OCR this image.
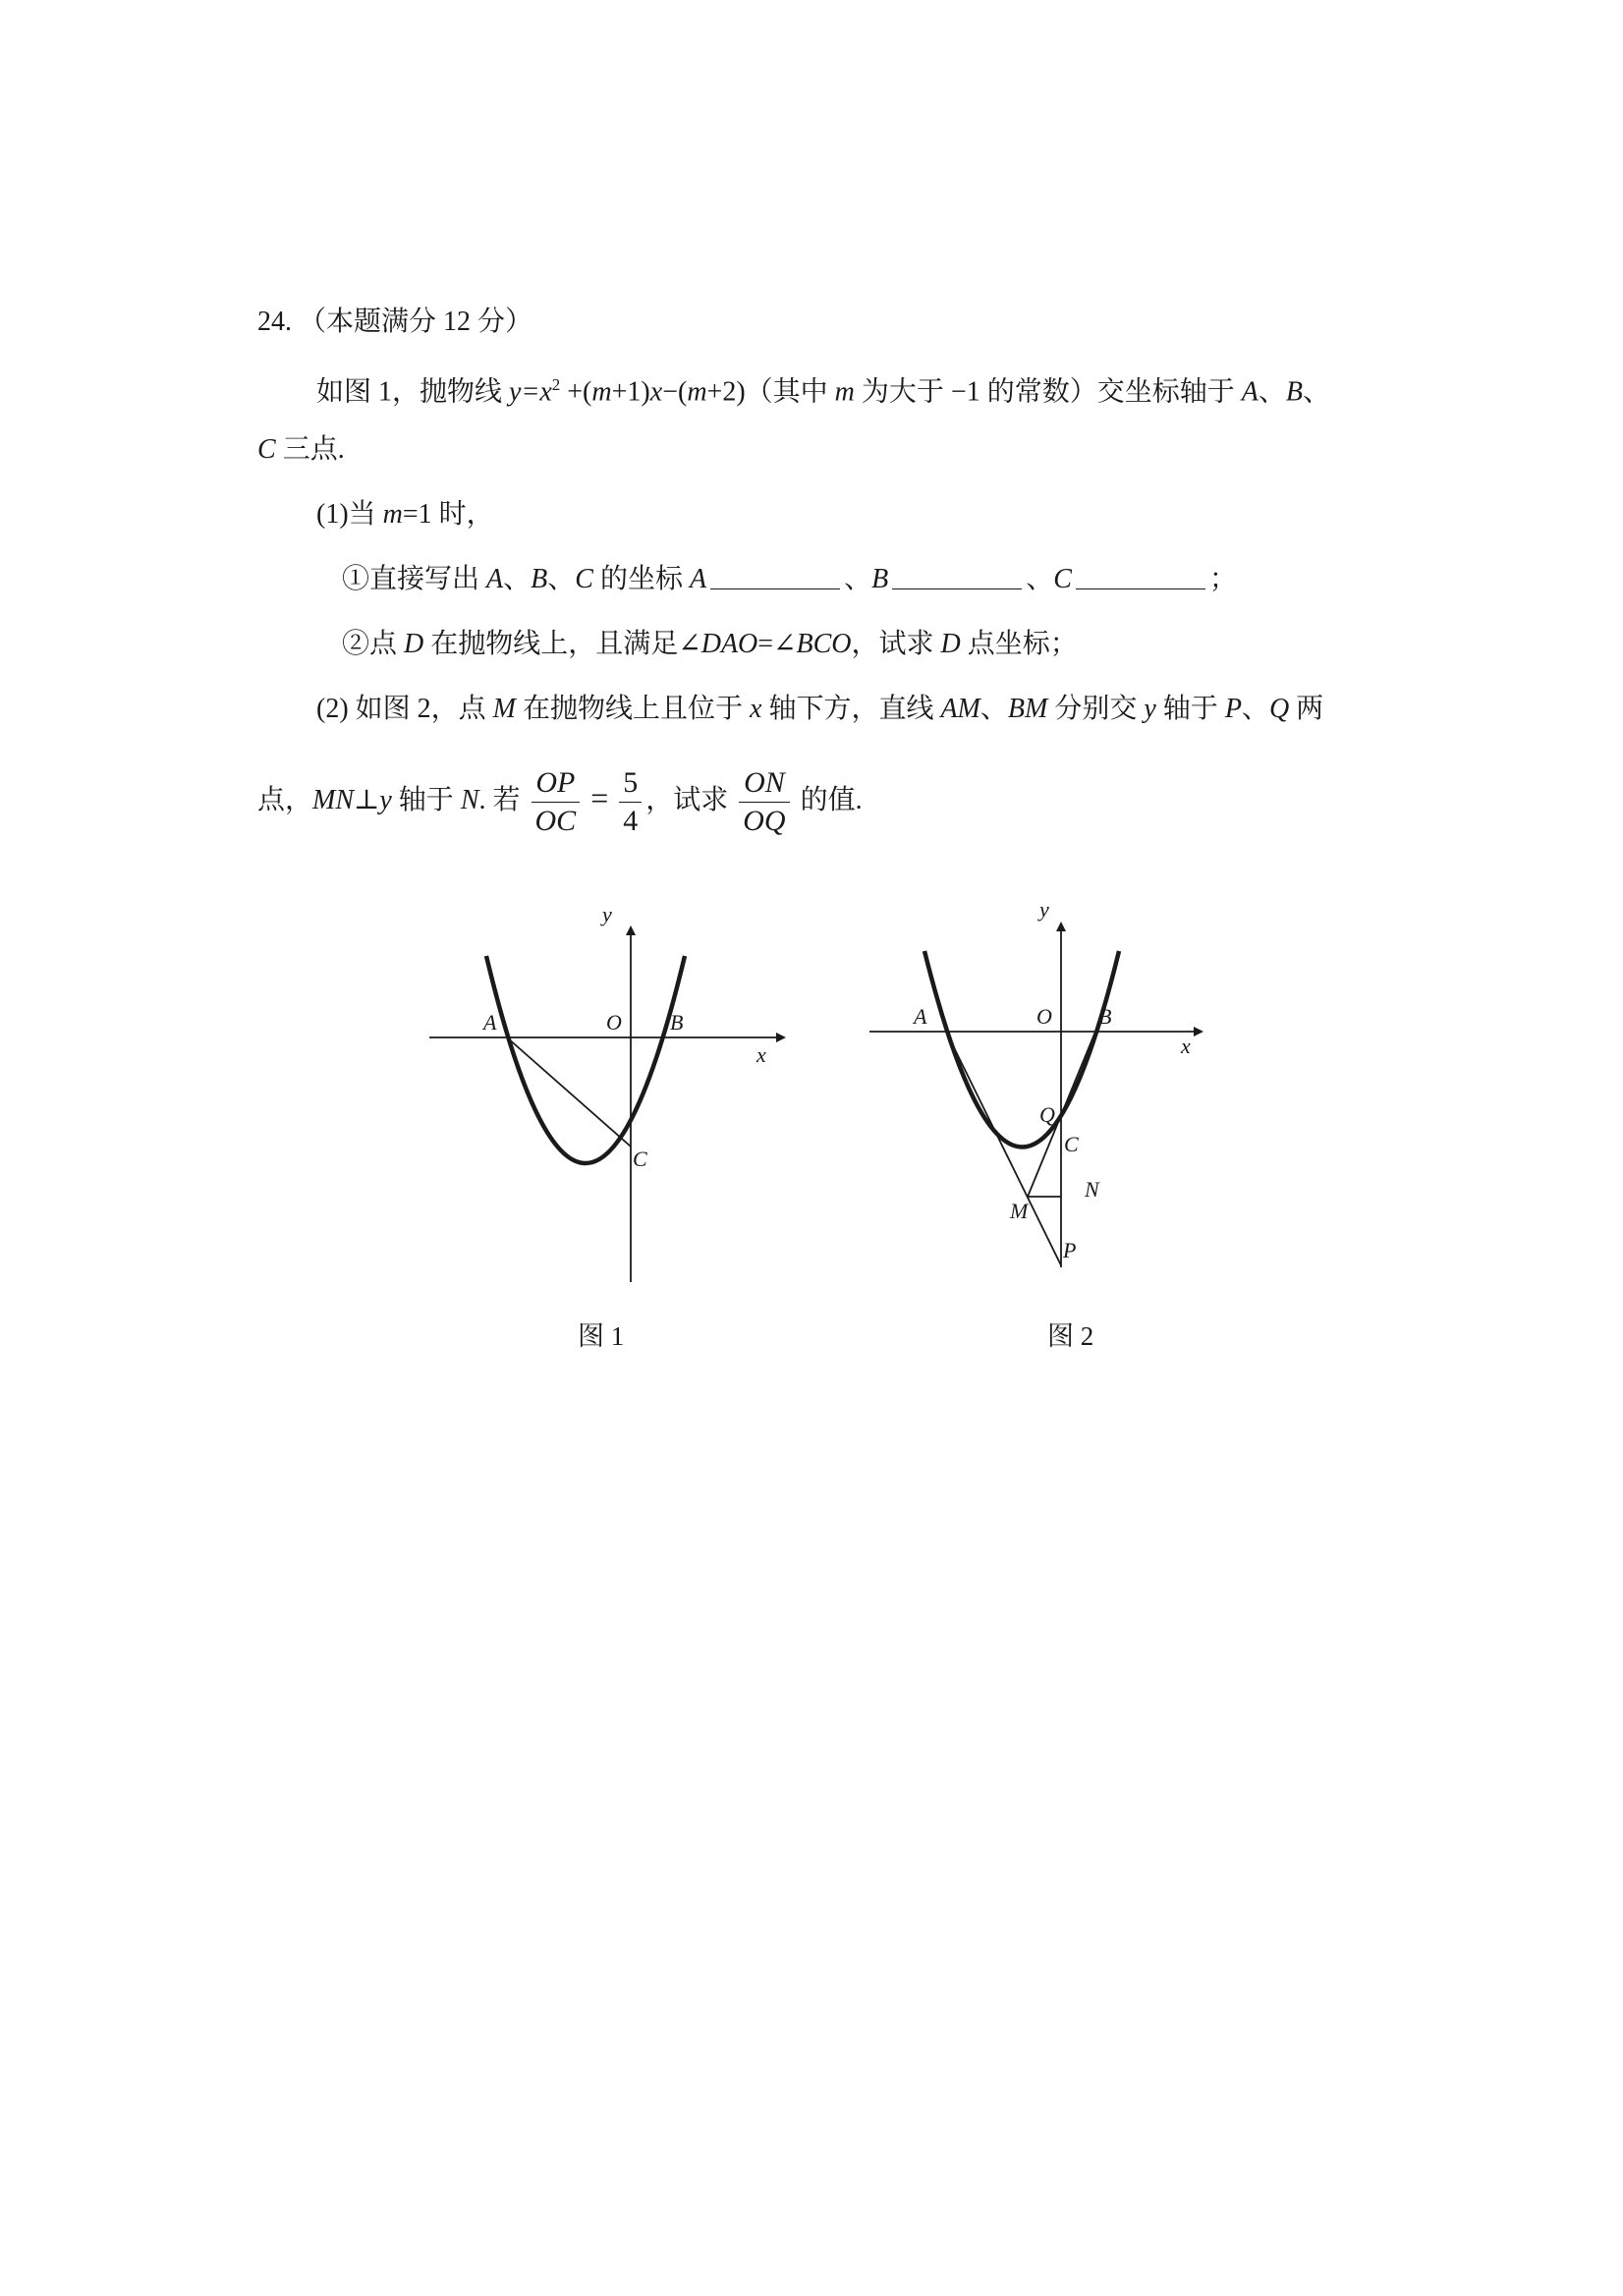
24. （本题满分 12 分）
如图 1，抛物线 $y=x^2 +(m+1)x-(m+2)$（其中 m 为大于 −1 的常数）交坐标轴于 A、B、
C 三点.
(1)当 m=1 时，
①直接写出 A、B、C 的坐标 A	、B	、C	；
②点 D 在抛物线上，且满足∠DAO=∠BCO，试求 D 点坐标；
(2) 如图 2，点 M 在抛物线上且位于 x 轴下方，直线 AM、BM 分别交 y 轴于 P、Q 两
点，MN⊥y 轴于 N. 若 $\frac{OP}{OC} = \frac{5}{4}$ ，试求 $\frac{ON}{OQ}$ 的值.
y
x
A	O B
C
图 1
y
x
A	O B
Q
C
N
M
P
图 2
